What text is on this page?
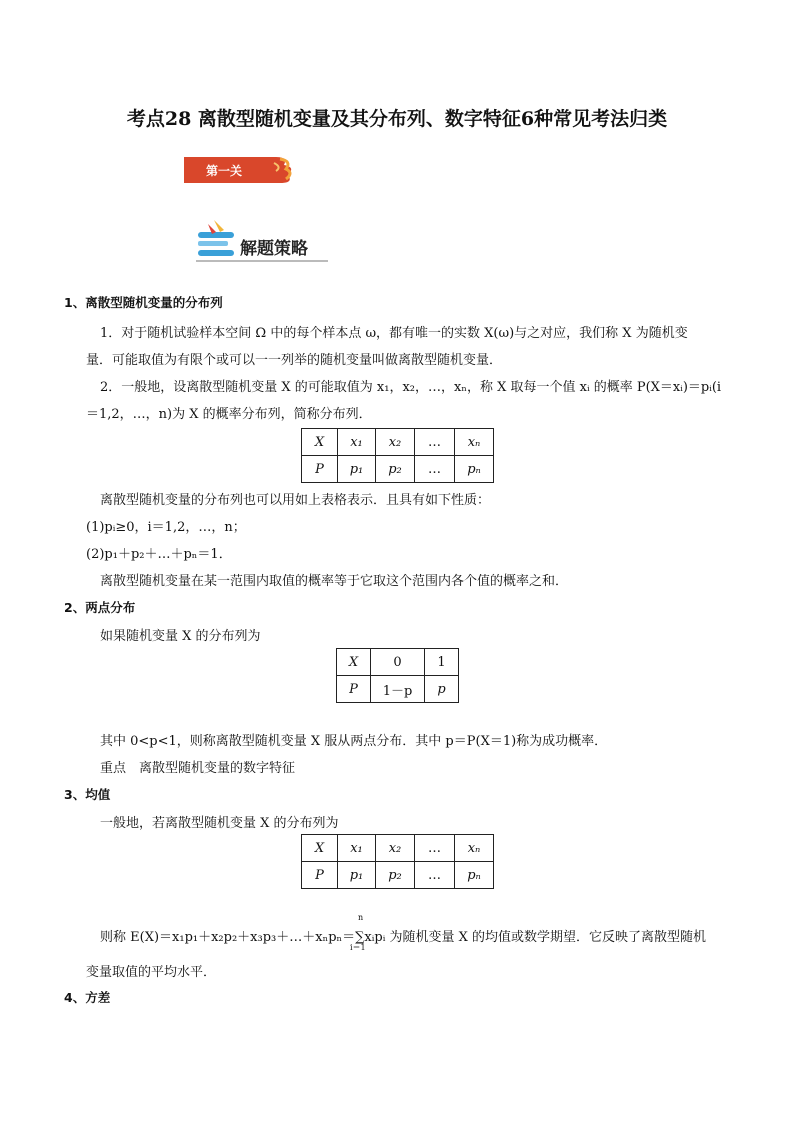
考点28 离散型随机变量及其分布列、数字特征6种常见考法归类
第一关
解题策略
1、离散型随机变量的分布列
1．对于随机试验样本空间 Ω 中的每个样本点 ω，都有唯一的实数 X(ω)与之对应，我们称 X 为随机变
量．可能取值为有限个或可以一一列举的随机变量叫做离散型随机变量．
2．一般地，设离散型随机变量 X 的可能取值为 x₁，x₂，…，xₙ，称 X 取每一个值 xᵢ 的概率 P(X＝xᵢ)＝pᵢ(i
＝1,2，…，n)为 X 的概率分布列，简称分布列．
X	x₁	x₂	…	xₙ
P	p₁	p₂	…	pₙ
离散型随机变量的分布列也可以用如上表格表示．且具有如下性质：
(1)pᵢ≥0，i＝1,2，…，n；
(2)p₁＋p₂＋…＋pₙ＝1．
离散型随机变量在某一范围内取值的概率等于它取这个范围内各个值的概率之和．
2、两点分布
如果随机变量 X 的分布列为
X	0	1
P	1－p	p
其中 0<p<1，则称离散型随机变量 X 服从两点分布．其中 p＝P(X＝1)称为成功概率．
重点　离散型随机变量的数字特征
3、均值
一般地，若离散型随机变量 X 的分布列为
X	x₁	x₂	…	xₙ
P	p₁	p₂	…	pₙ
n
则称 E(X)＝x₁p₁＋x₂p₂＋x₃p₃＋…＋xₙpₙ＝∑xᵢpᵢ 为随机变量 X 的均值或数学期望．它反映了离散型随机
i＝1
变量取值的平均水平．
4、方差
